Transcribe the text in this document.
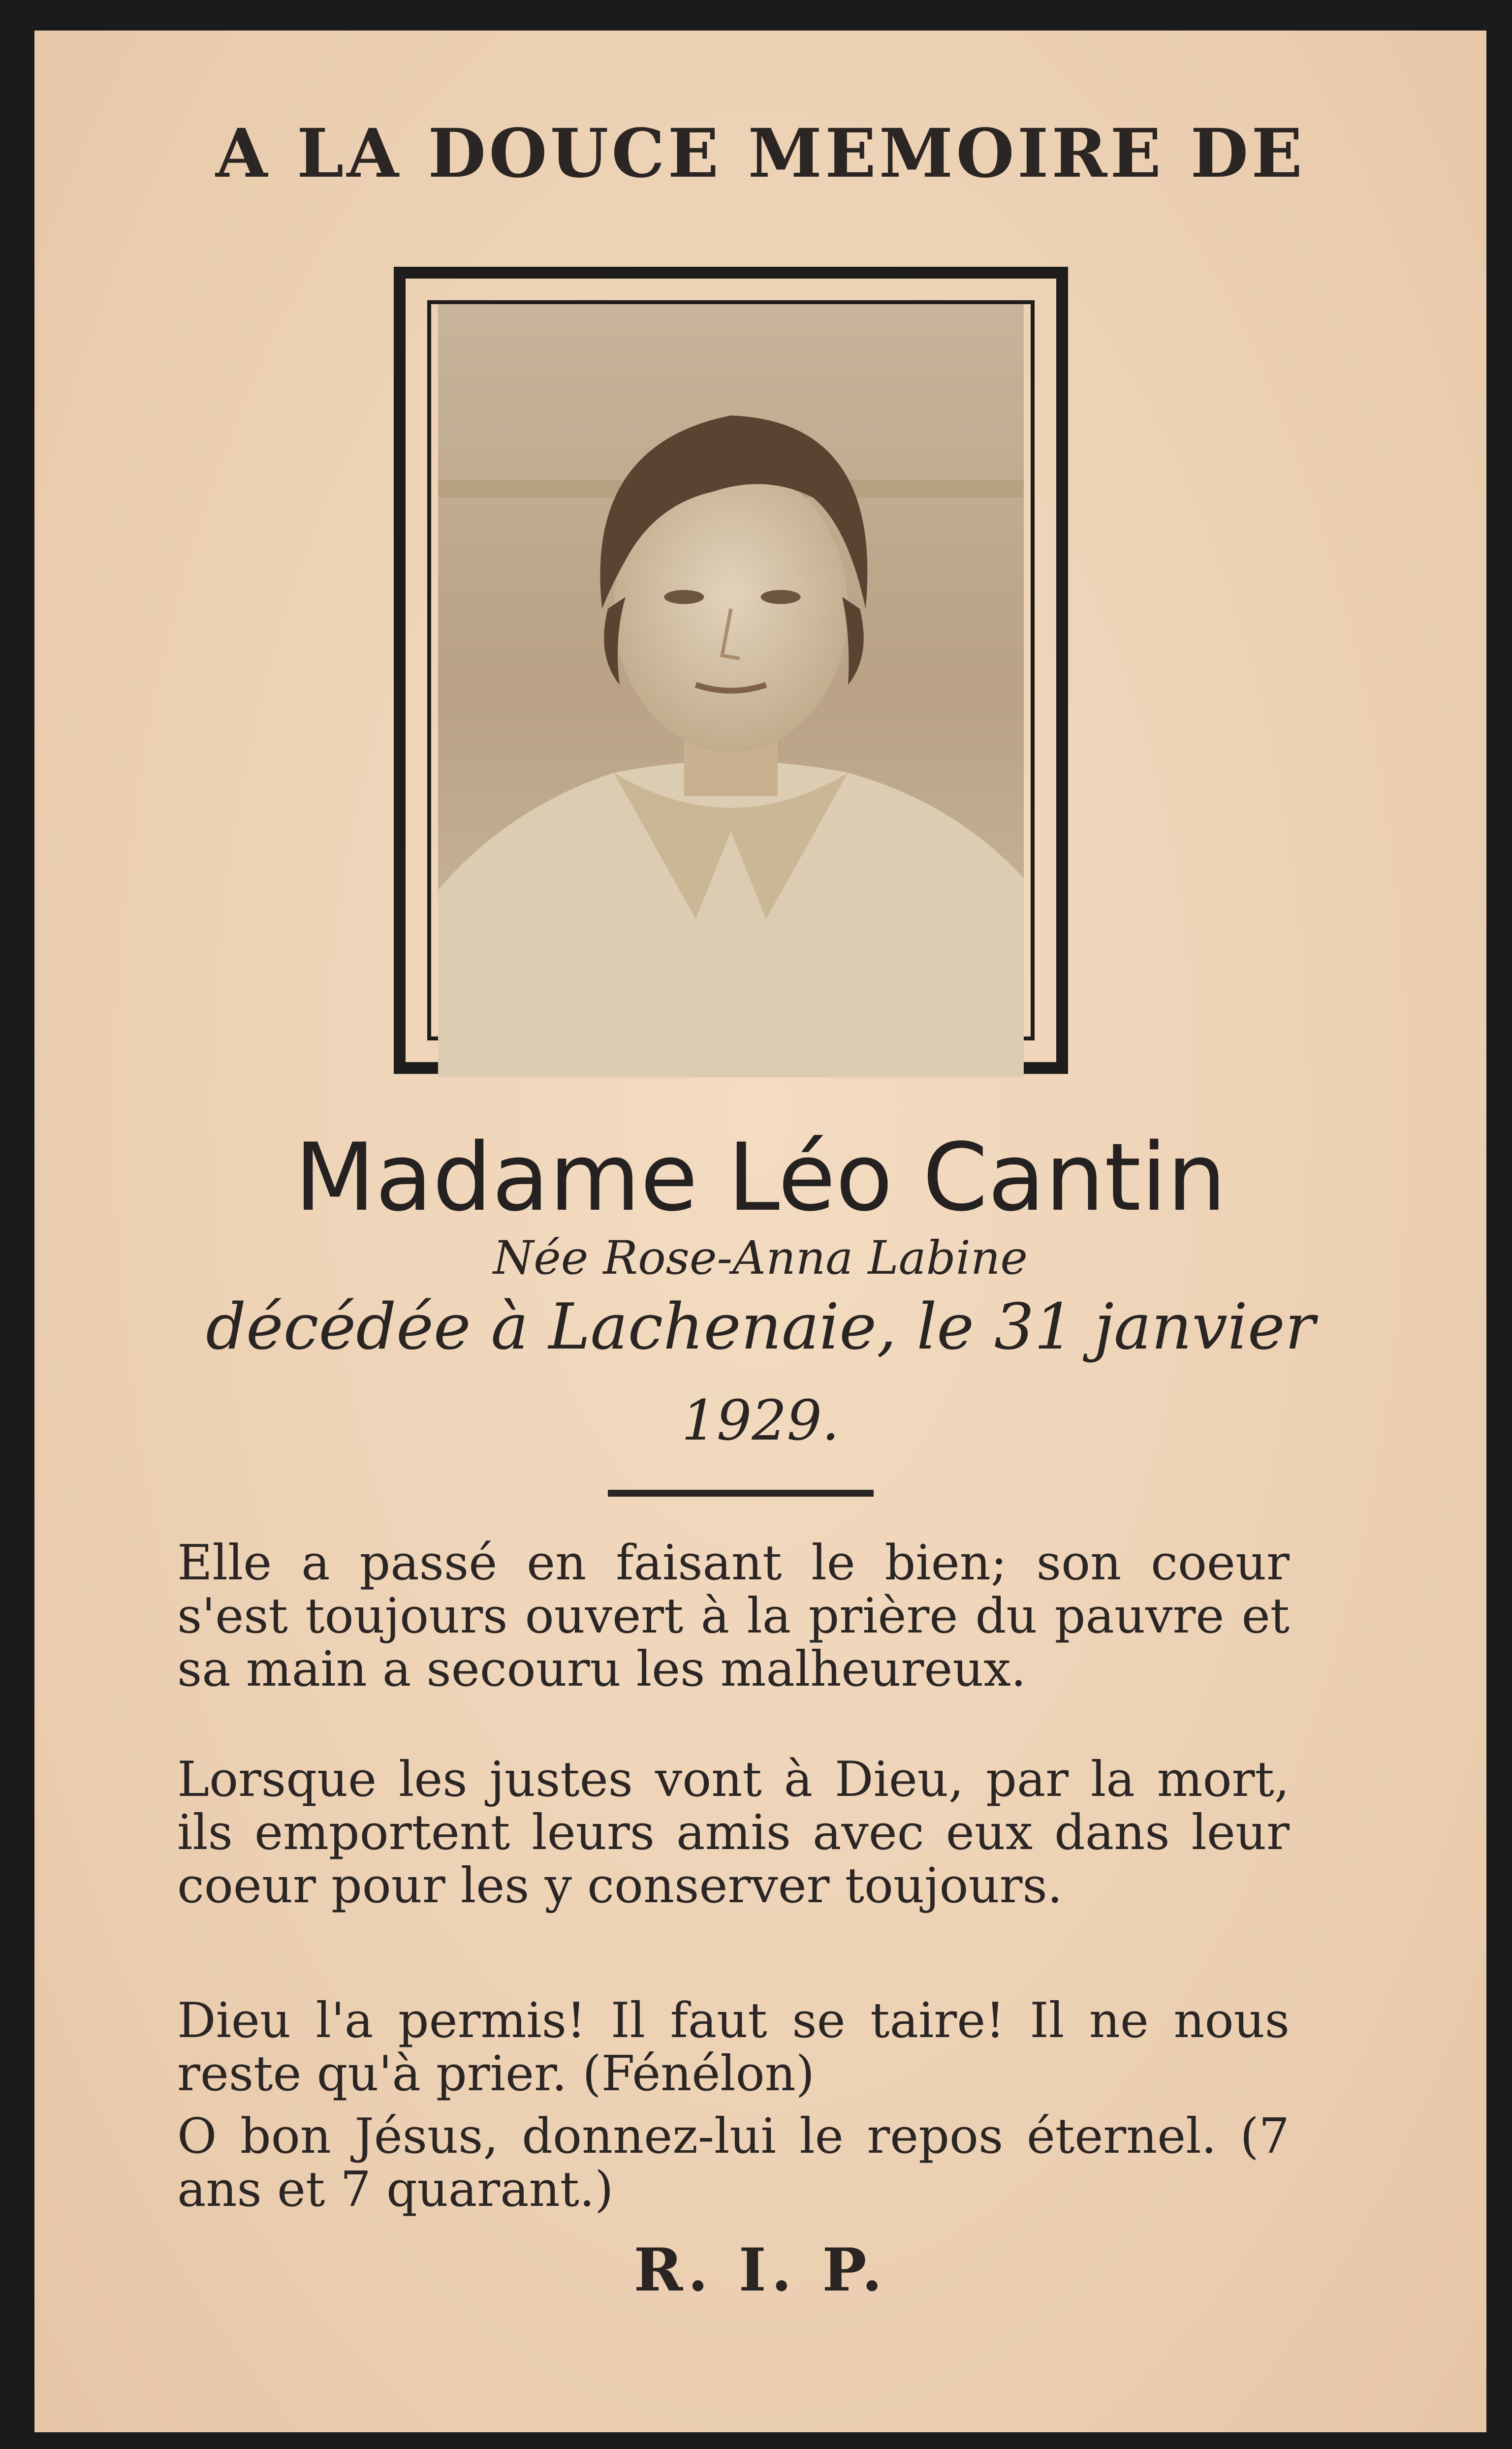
A LA DOUCE MEMOIRE DE
Madame Léo Cantin
Née Rose-Anna Labine
décédée à Lachenaie, le 31 janvier
1929.
Elle a passé en faisant le bien; son coeur s'est toujours ouvert à la prière du pauvre et sa main a secouru les malheureux.
Lorsque les justes vont à Dieu, par la mort, ils emportent leurs amis avec eux dans leur coeur pour les y conserver toujours.
Dieu l'a permis! Il faut se taire! Il ne nous reste qu'à prier. (Fénélon)
O bon Jésus, donnez-lui le repos éternel. (7 ans et 7 quarant.)
R. I. P.
